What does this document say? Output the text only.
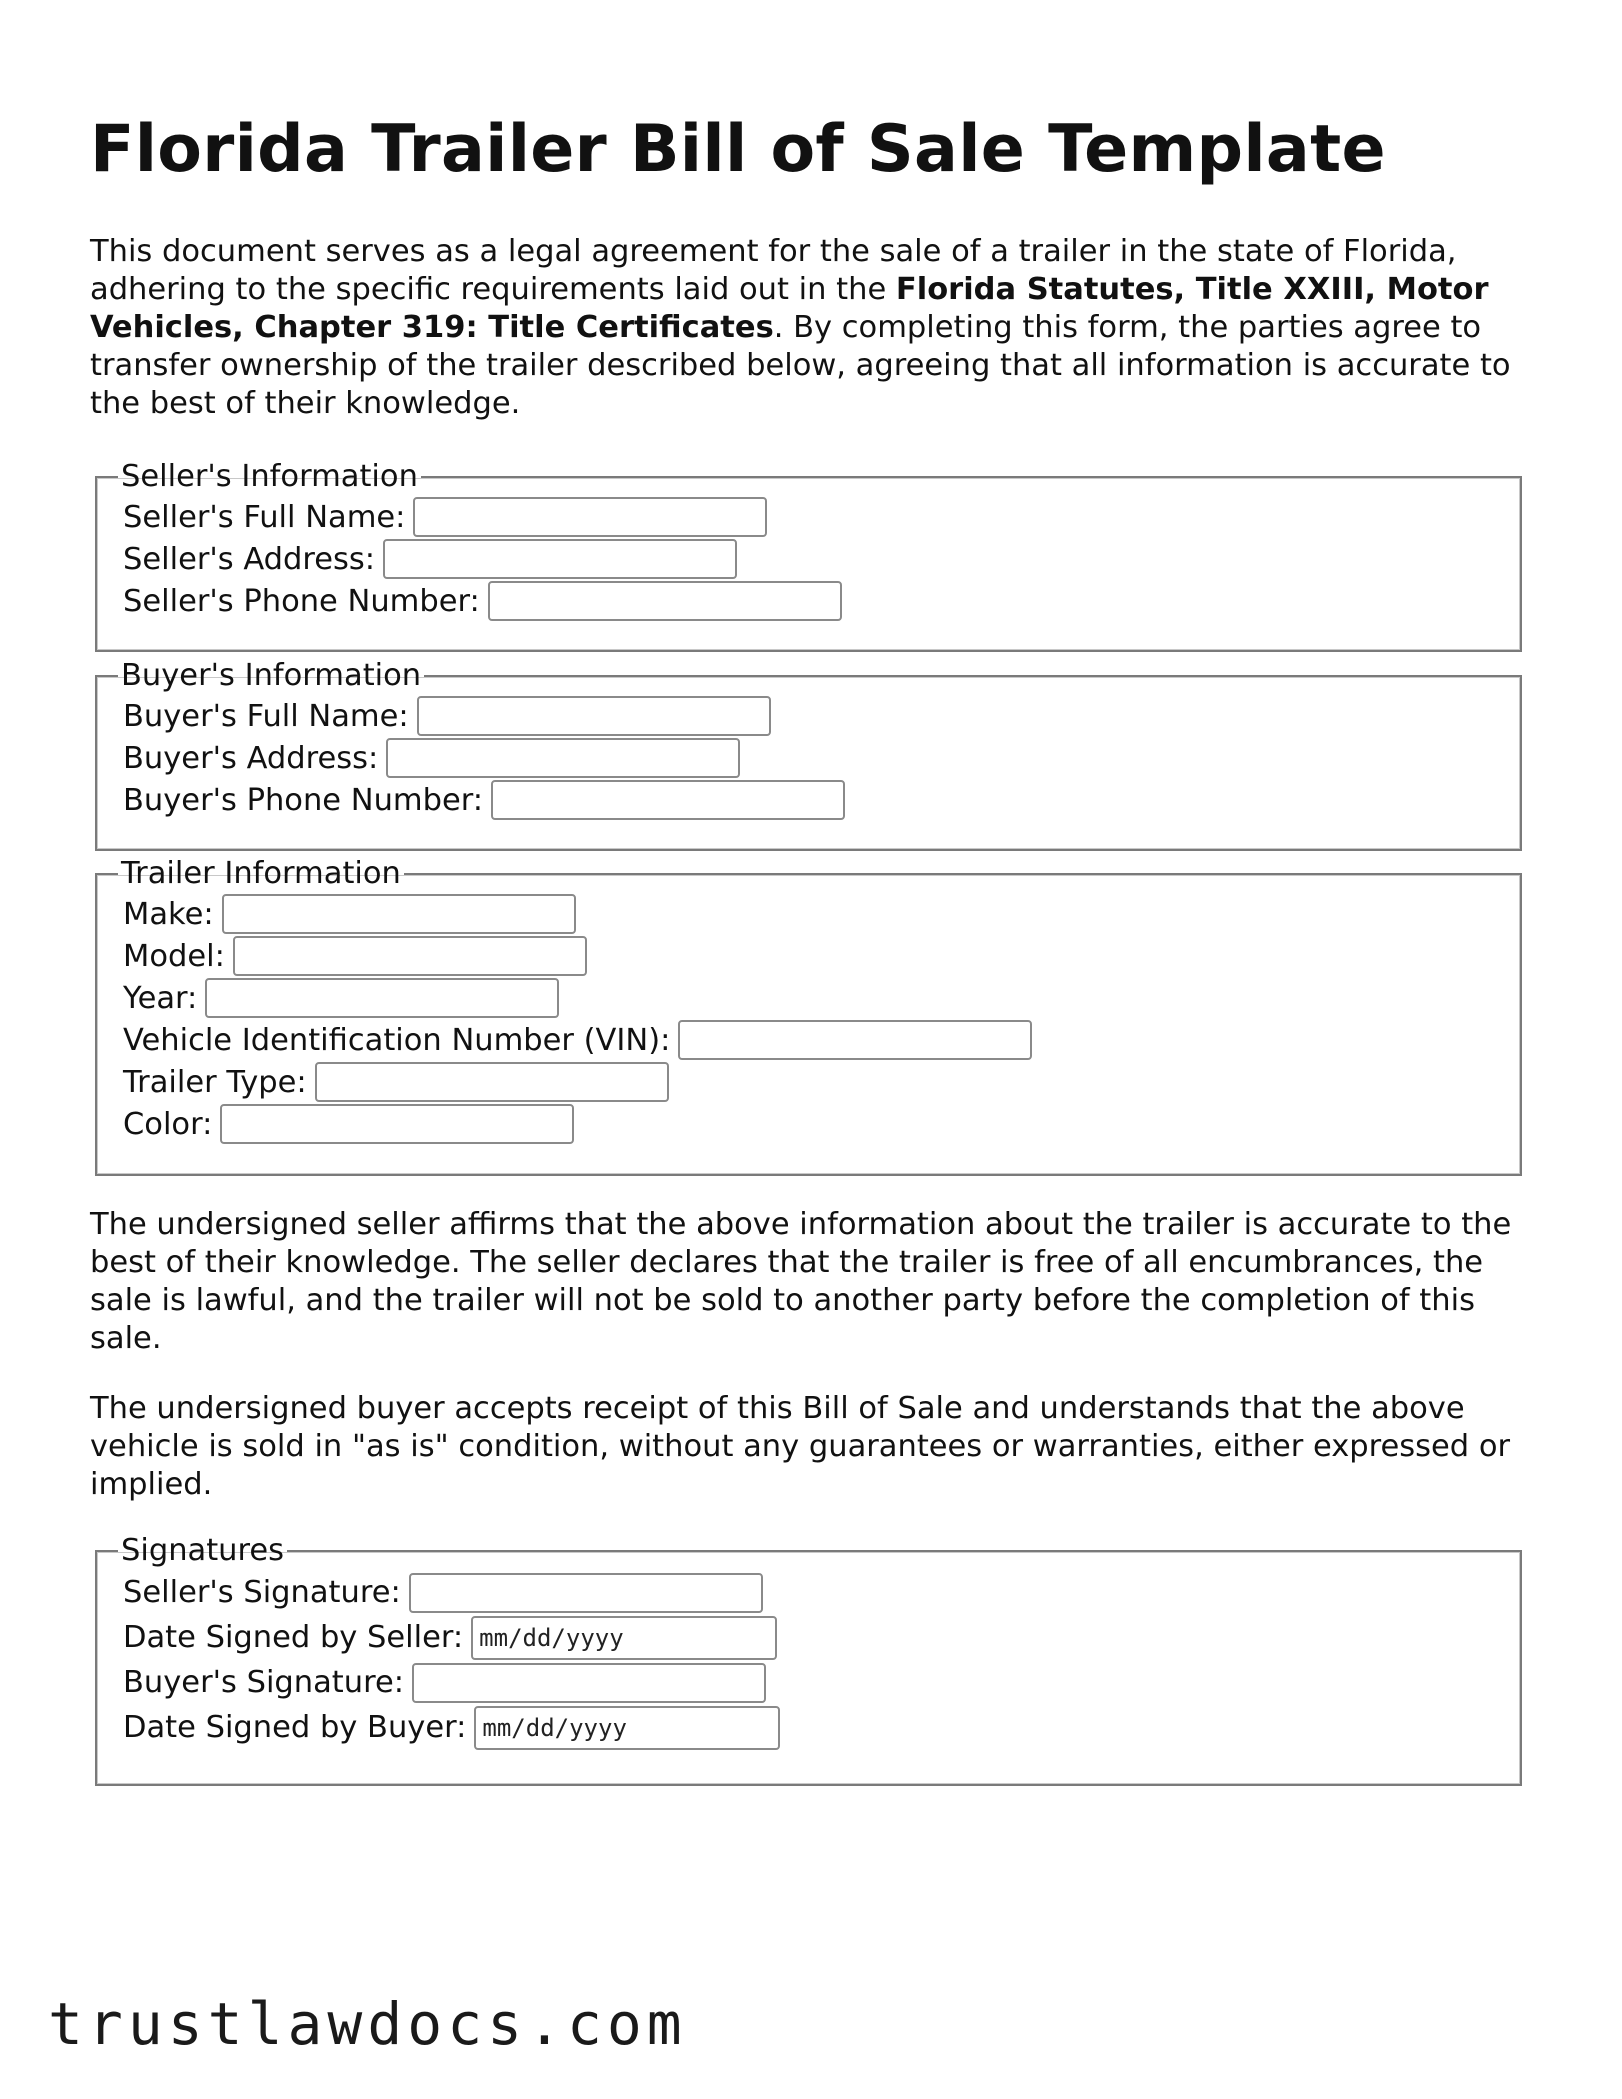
Florida Trailer Bill of Sale Template

This document serves as a legal agreement for the sale of a trailer in the state of Florida, adhering to the specific requirements laid out in the Florida Statutes, Title XXIII, Motor Vehicles, Chapter 319: Title Certificates. By completing this form, the parties agree to transfer ownership of the trailer described below, agreeing that all information is accurate to the best of their knowledge.

Seller's Information
Seller's Full Name:
Seller's Address:
Seller's Phone Number:
Buyer's Information
Buyer's Full Name:
Buyer's Address:
Buyer's Phone Number:
Trailer Information
Make:
Model:
Year:
Vehicle Identification Number (VIN):
Trailer Type:
Color:

The undersigned seller affirms that the above information about the trailer is accurate to the best of their knowledge. The seller declares that the trailer is free of all encumbrances, the sale is lawful, and the trailer will not be sold to another party before the completion of this sale.

The undersigned buyer accepts receipt of this Bill of Sale and understands that the above vehicle is sold in "as is" condition, without any guarantees or warranties, either expressed or implied.

Signatures
Seller's Signature:
Date Signed by Seller:
mm/dd/yyyy
Buyer's Signature:
Date Signed by Buyer:
mm/dd/yyyy
trustlawdocs.com
